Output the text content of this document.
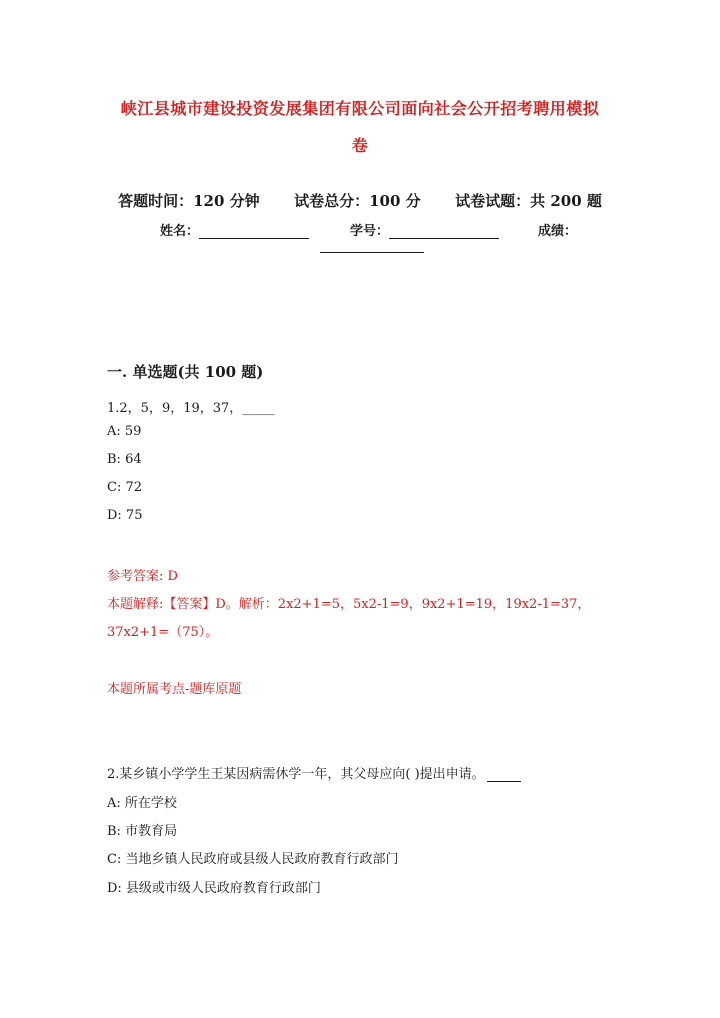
峡江县城市建设投资发展集团有限公司面向社会公开招考聘用模拟
卷
答题时间：120 分钟 试卷总分：100 分 试卷试题：共 200 题
姓名：	学号：	成绩：
一. 单选题(共 100 题)
1.2，5，9，19，37，_____
A: 59
B: 64
C: 72
D: 75
参考答案: D
本题解释:【答案】D。解析：2x2+1=5，5x2-1=9，9x2+1=19，19x2-1=37，
37x2+1=（75）。
本题所属考点-题库原题
2.某乡镇小学学生王某因病需休学一年，其父母应向( )提出申请。
A: 所在学校
B: 市教育局
C: 当地乡镇人民政府或县级人民政府教育行政部门
D: 县级或市级人民政府教育行政部门
